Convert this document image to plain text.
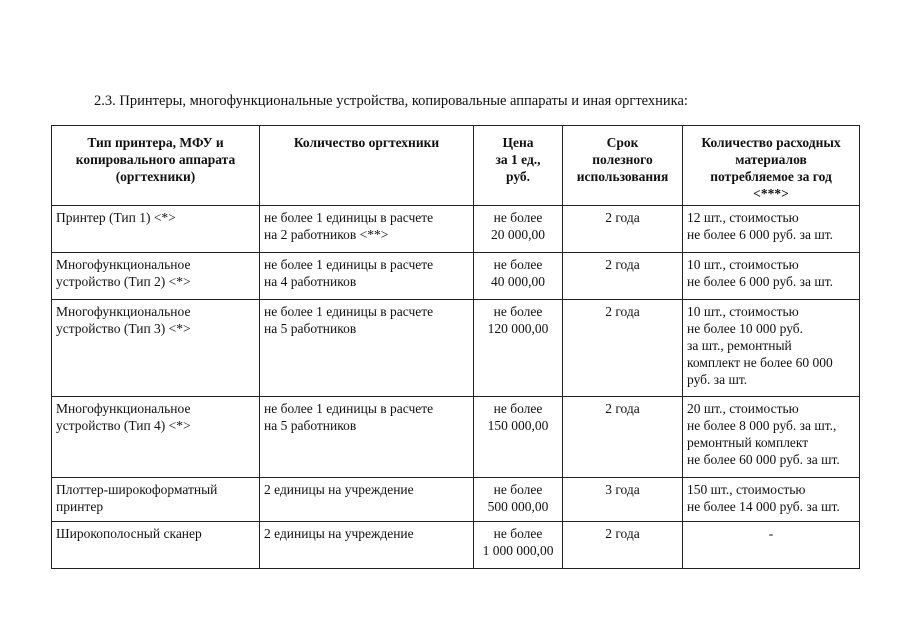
2.3. Принтеры, многофункциональные устройства, копировальные аппараты и иная оргтехника:
Тип принтера, МФУ и
копировального аппарата
(оргтехники)	Количество оргтехники	Цена
за 1 ед.,
руб.	Срок
полезного
использования	Количество расходных
материалов
потребляемое за год
<***>

Принтер (Тип 1) <*>	не более 1 единицы в расчете
на 2 работников <**>	не более
20 000,00	2 года	12 шт., стоимостью
не более 6 000 руб. за шт.

Многофункциональное
устройство (Тип 2) <*>	не более 1 единицы в расчете
на 4 работников	не более
40 000,00	2 года	10 шт., стоимостью
не более 6 000 руб. за шт.

Многофункциональное
устройство (Тип 3) <*>	не более 1 единицы в расчете
на 5 работников	не более
120 000,00	2 года	10 шт., стоимостью
не более 10 000 руб.
за шт., ремонтный
комплект не более 60 000
руб. за шт.

Многофункциональное
устройство (Тип 4) <*>	не более 1 единицы в расчете
на 5 работников	не более
150 000,00	2 года	20 шт., стоимостью
не более 8 000 руб. за шт.,
ремонтный комплект
не более 60 000 руб. за шт.

Плоттер-широкоформатный
принтер	2 единицы на учреждение	не более
500 000,00	3 года	150 шт., стоимостью
не более 14 000 руб. за шт.

Широкополосный сканер	2 единицы на учреждение	не более
1 000 000,00	2 года	-
